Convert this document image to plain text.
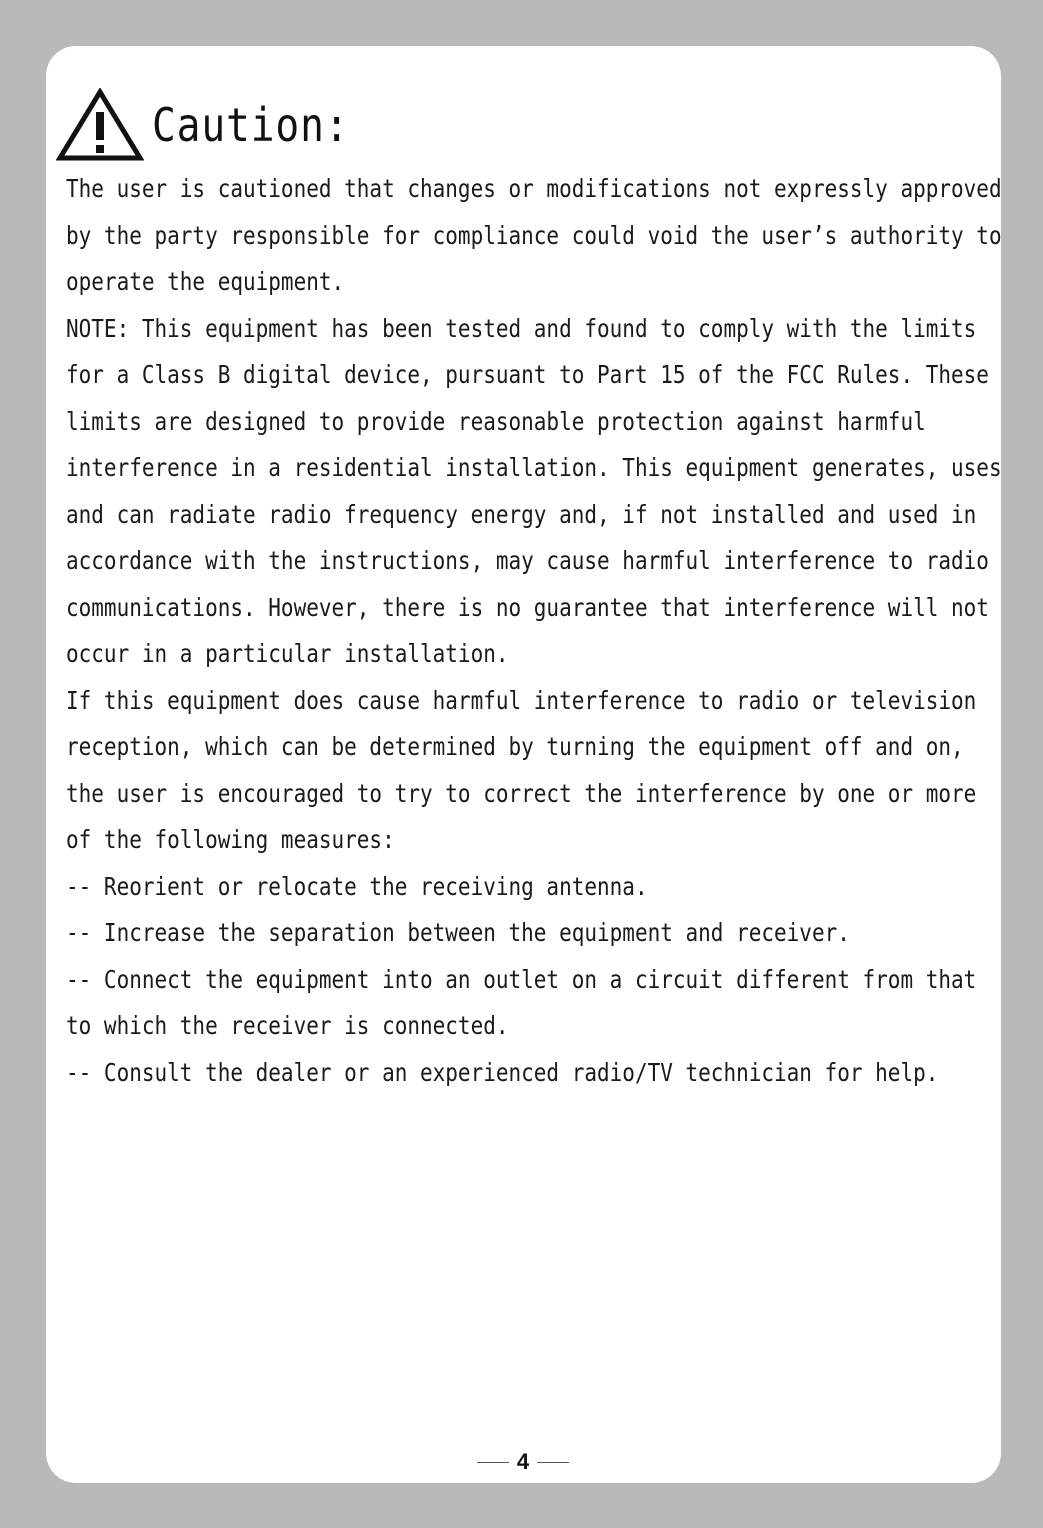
Caution:
The user is cautioned that changes or modifications not expressly approved
by the party responsible for compliance could void the user’s authority to
operate the equipment.
NOTE: This equipment has been tested and found to comply with the limits
for a Class B digital device, pursuant to Part 15 of the FCC Rules. These
limits are designed to provide reasonable protection against harmful
interference in a residential installation. This equipment generates, uses
and can radiate radio frequency energy and, if not installed and used in
accordance with the instructions, may cause harmful interference to radio
communications. However, there is no guarantee that interference will not
occur in a particular installation.
If this equipment does cause harmful interference to radio or television
reception, which can be determined by turning the equipment off and on,
the user is encouraged to try to correct the interference by one or more
of the following measures:
-- Reorient or relocate the receiving antenna.
-- Increase the separation between the equipment and receiver.
-- Connect the equipment into an outlet on a circuit different from that
to which the receiver is connected.
-- Consult the dealer or an experienced radio/TV technician for help.
4
